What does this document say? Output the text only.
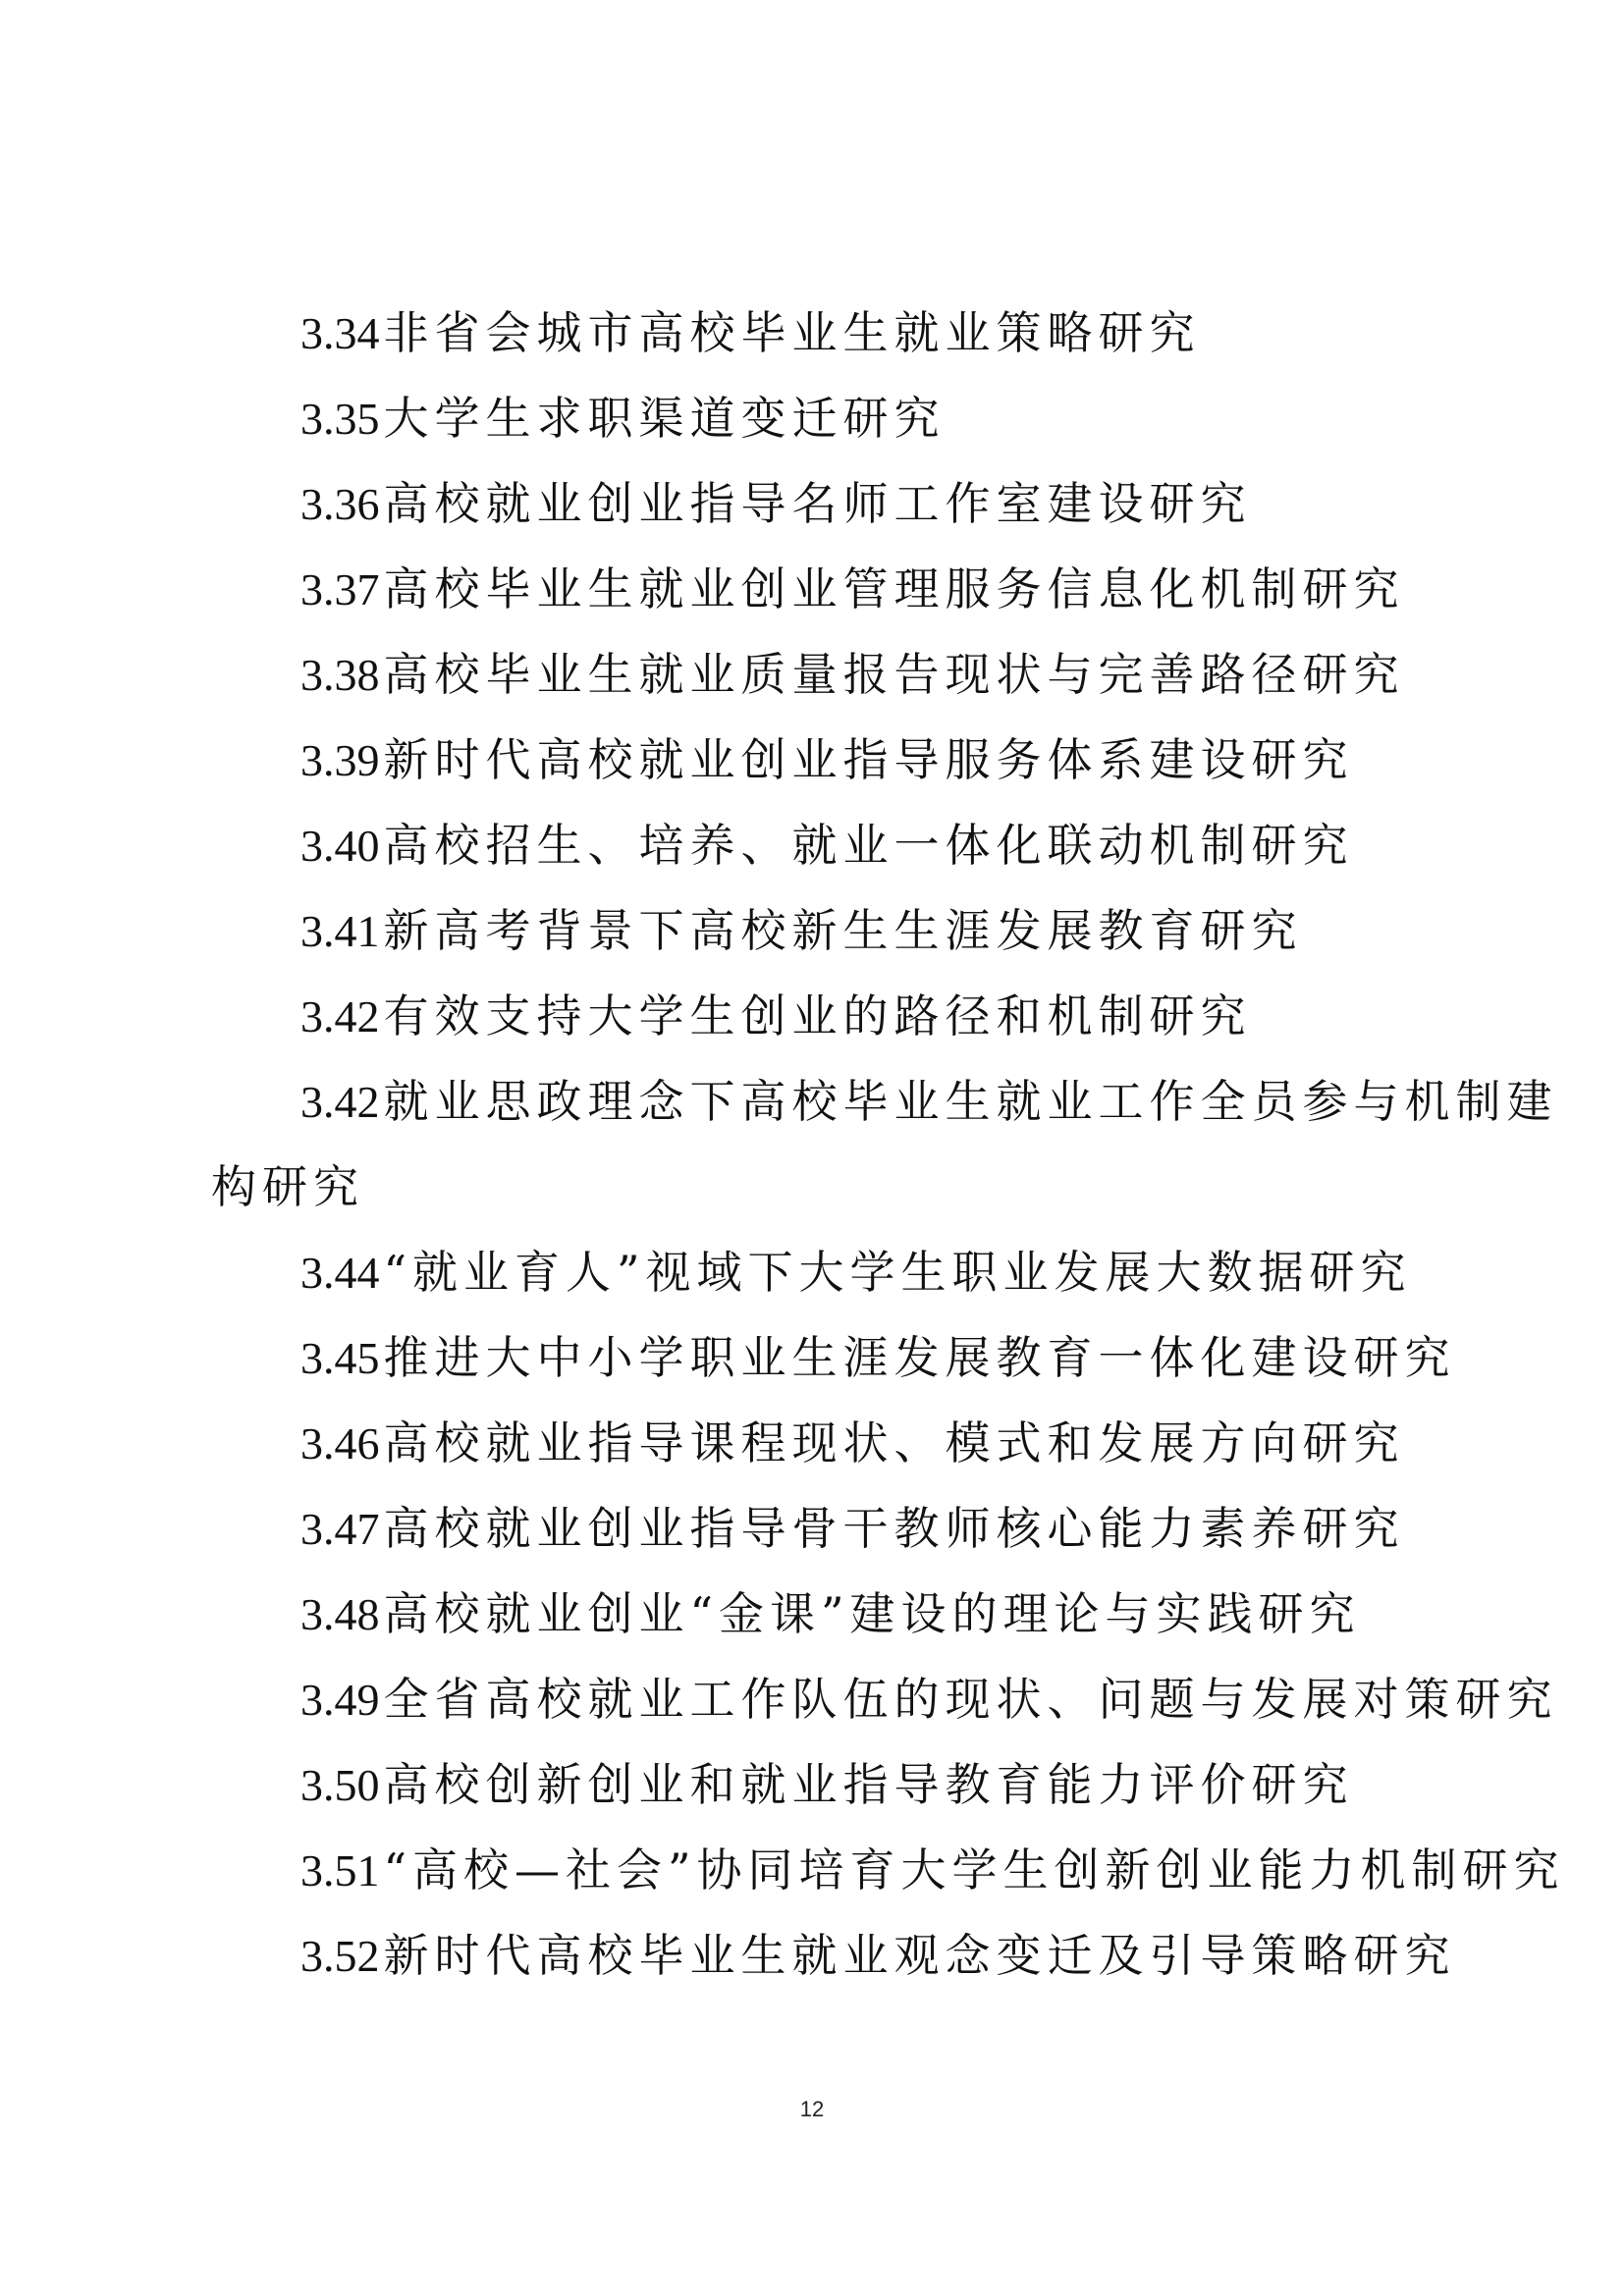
3.34非省会城市高校毕业生就业策略研究
3.35大学生求职渠道变迁研究
3.36高校就业创业指导名师工作室建设研究
3.37高校毕业生就业创业管理服务信息化机制研究
3.38高校毕业生就业质量报告现状与完善路径研究
3.39新时代高校就业创业指导服务体系建设研究
3.40高校招生、培养、就业一体化联动机制研究
3.41新高考背景下高校新生生涯发展教育研究
3.42有效支持大学生创业的路径和机制研究
3.42就业思政理念下高校毕业生就业工作全员参与机制建
构研究
3.44“就业育人”视域下大学生职业发展大数据研究
3.45推进大中小学职业生涯发展教育一体化建设研究
3.46高校就业指导课程现状、模式和发展方向研究
3.47高校就业创业指导骨干教师核心能力素养研究
3.48高校就业创业“金课”建设的理论与实践研究
3.49全省高校就业工作队伍的现状、问题与发展对策研究
3.50高校创新创业和就业指导教育能力评价研究
3.51“高校—社会”协同培育大学生创新创业能力机制研究
3.52新时代高校毕业生就业观念变迁及引导策略研究
12
